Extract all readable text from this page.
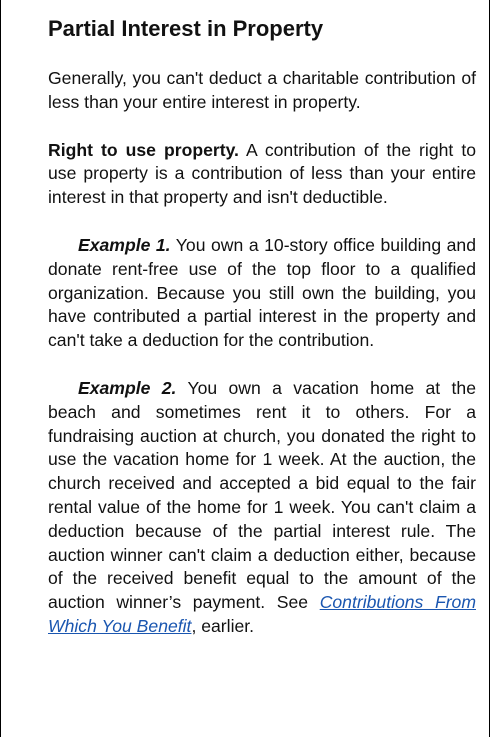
Partial Interest in Property

Generally, you can't deduct a charitable contribution of less than your entire interest in property.

Right to use property. A contribution of the right to use property is a contribution of less than your entire interest in that property and isn't deductible.

Example 1. You own a 10-story office building and donate rent-free use of the top floor to a qualified organization. Because you still own the building, you have contributed a partial interest in the property and can't take a deduction for the contribution.

Example 2. You own a vacation home at the beach and sometimes rent it to others. For a fundraising auction at church, you donated the right to use the vacation home for 1 week. At the auction, the church received and accepted a bid equal to the fair rental value of the home for 1 week. You can't claim a deduction because of the partial interest rule. The auction winner can't claim a deduction either, because of the received benefit equal to the amount of the auction winner’s payment. See Contributions From Which You Benefit, earlier.
